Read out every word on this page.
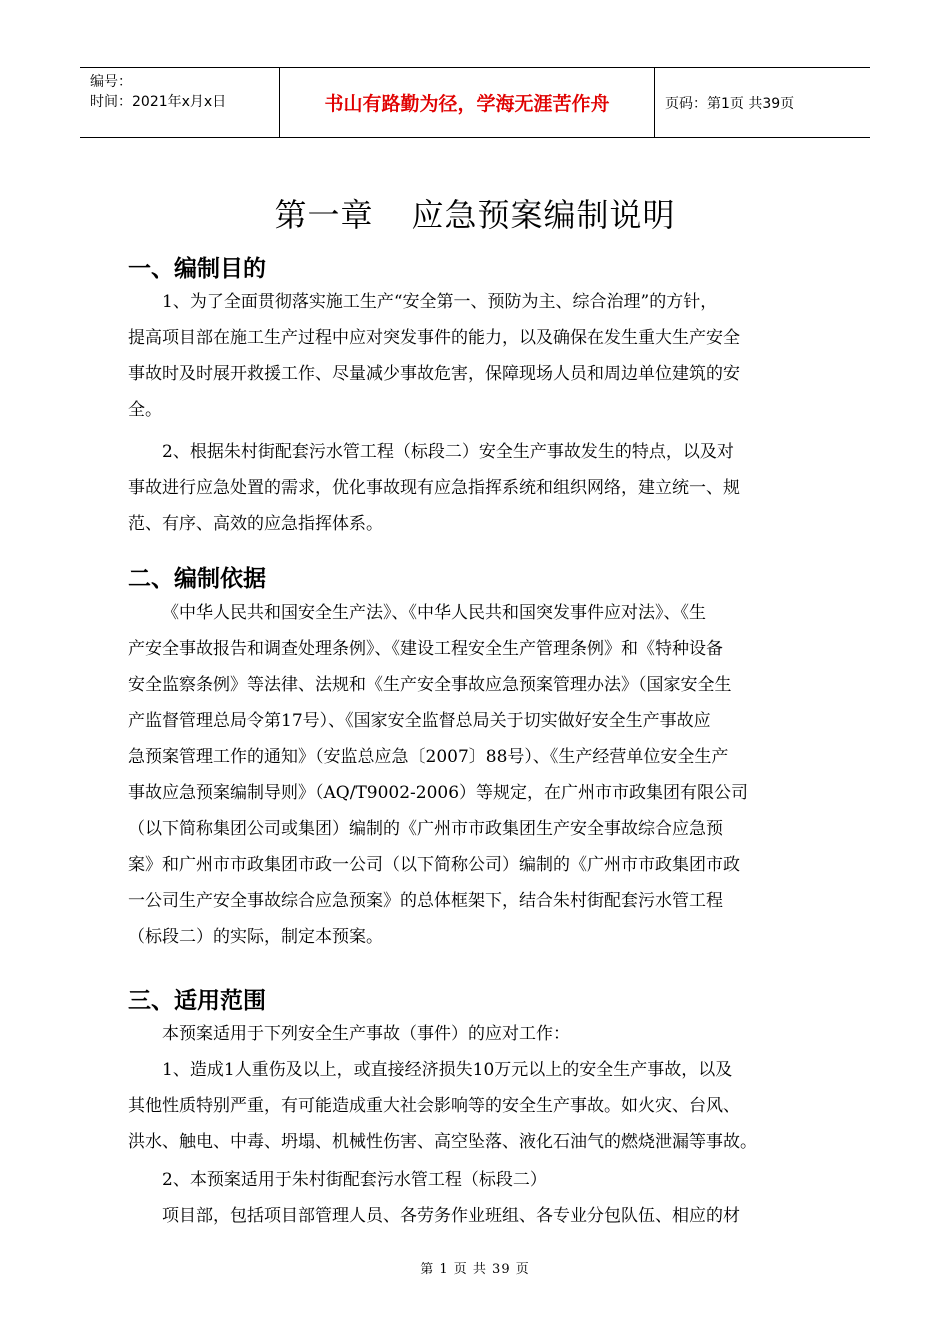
编号：
时间：2021年x月x日	书山有路勤为径，学海无涯苦作舟	页码：第1页 共39页
第一章 应急预案编制说明
一、编制目的
1、为了全面贯彻落实施工生产“安全第一、预防为主、综合治理”的方针，
提高项目部在施工生产过程中应对突发事件的能力，以及确保在发生重大生产安全
事故时及时展开救援工作、尽量减少事故危害，保障现场人员和周边单位建筑的安
全。
2、根据朱村街配套污水管工程（标段二）安全生产事故发生的特点，以及对
事故进行应急处置的需求，优化事故现有应急指挥系统和组织网络，建立统一、规
范、有序、高效的应急指挥体系。
二、编制依据
《中华人民共和国安全生产法》、《中华人民共和国突发事件应对法》、《生
产安全事故报告和调查处理条例》、《建设工程安全生产管理条例》和《特种设备
安全监察条例》等法律、法规和《生产安全事故应急预案管理办法》（国家安全生
产监督管理总局令第17号）、《国家安全监督总局关于切实做好安全生产事故应
急预案管理工作的通知》（安监总应急〔2007〕88号）、《生产经营单位安全生产
事故应急预案编制导则》（AQ/T9002-2006）等规定，在广州市市政集团有限公司
（以下简称集团公司或集团）编制的《广州市市政集团生产安全事故综合应急预
案》和广州市市政集团市政一公司（以下简称公司）编制的《广州市市政集团市政
一公司生产安全事故综合应急预案》的总体框架下，结合朱村街配套污水管工程
（标段二）的实际，制定本预案。
三、适用范围
本预案适用于下列安全生产事故（事件）的应对工作：
1、造成1人重伤及以上，或直接经济损失10万元以上的安全生产事故，以及
其他性质特别严重，有可能造成重大社会影响等的安全生产事故。如火灾、台风、
洪水、触电、中毒、坍塌、机械性伤害、高空坠落、液化石油气的燃烧泄漏等事故。
2、本预案适用于朱村街配套污水管工程（标段二）
项目部，包括项目部管理人员、各劳务作业班组、各专业分包队伍、相应的材
第 1 页 共 39 页
